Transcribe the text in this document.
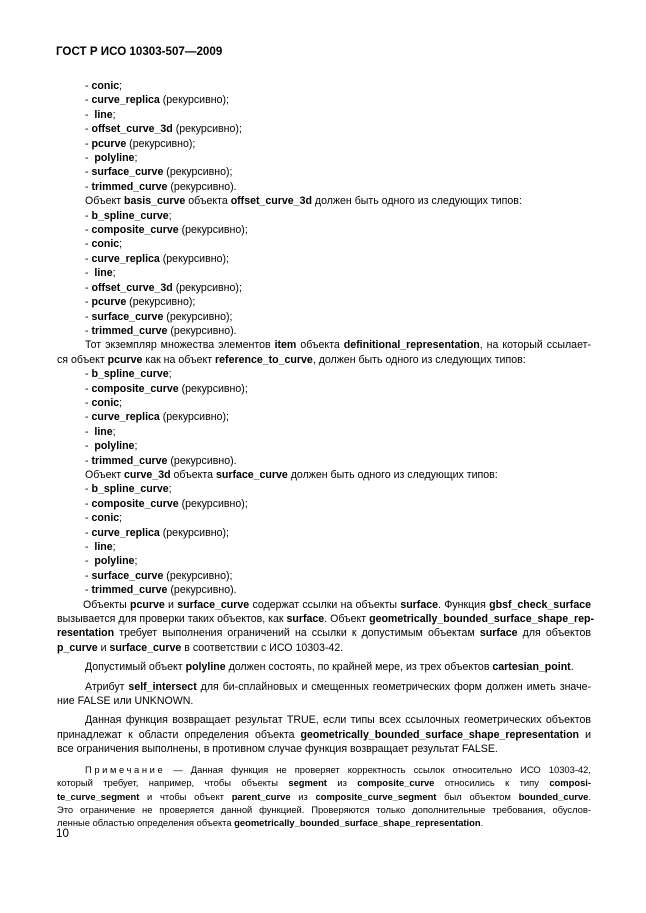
ГОСТ Р ИСО 10303-507—2009
- conic;
- curve_replica (рекурсивно);
-  line;
- offset_curve_3d (рекурсивно);
- pcurve (рекурсивно);
-  polyline;
- surface_curve (рекурсивно);
- trimmed_curve (рекурсивно).
Объект basis_curve объекта offset_curve_3d должен быть одного из следующих типов:
- b_spline_curve;
- composite_curve (рекурсивно);
- conic;
- curve_replica (рекурсивно);
-  line;
- offset_curve_3d (рекурсивно);
- pcurve (рекурсивно);
- surface_curve (рекурсивно);
- trimmed_curve (рекурсивно).
Тот экземпляр множества элементов item объекта definitional_representation, на который ссылает-
ся объект pcurve как на объект reference_to_curve, должен быть одного из следующих типов:
- b_spline_curve;
- composite_curve (рекурсивно);
- conic;
- curve_replica (рекурсивно);
-  line;
-  polyline;
- trimmed_curve (рекурсивно).
Объект curve_3d объекта surface_curve должен быть одного из следующих типов:
- b_spline_curve;
- composite_curve (рекурсивно);
- conic;
- curve_replica (рекурсивно);
-  line;
-  polyline;
- surface_curve (рекурсивно);
- trimmed_curve (рекурсивно).
Объекты pcurve и surface_curve содержат ссылки на объекты surface. Функция gbsf_check_surface
вызывается для проверки таких объектов, как surface. Объект geometrically_bounded_surface_shape_rep-
resentation требует выполнения ограничений на ссылки к допустимым объектам surface для объектов
p_curve и surface_curve в соответствии с ИСО 10303-42.
Допустимый объект polyline должен состоять, по крайней мере, из трех объектов cartesian_point.
Атрибут self_intersect для би-сплайновых и смещенных геометрических форм должен иметь значе-
ние FALSE или UNKNOWN.
Данная функция возвращает результат TRUE, если типы всех ссылочных геометрических объектов
принадлежат к области определения объекта geometrically_bounded_surface_shape_representation и
все ограничения выполнены, в противном случае функция возвращает результат FALSE.
Примечание — Данная функция не проверяет корректность ссылок относительно ИСО 10303-42,
который требует, например, чтобы объекты segment из composite_curve относились к типу composi-
te_curve_segment и чтобы объект parent_curve из composite_curve_segment был объектом bounded_curve.
Это ограничение не проверяется данной функцией. Проверяются только дополнительные требования, обуслов-
ленные областью определения объекта geometrically_bounded_surface_shape_representation.
10
